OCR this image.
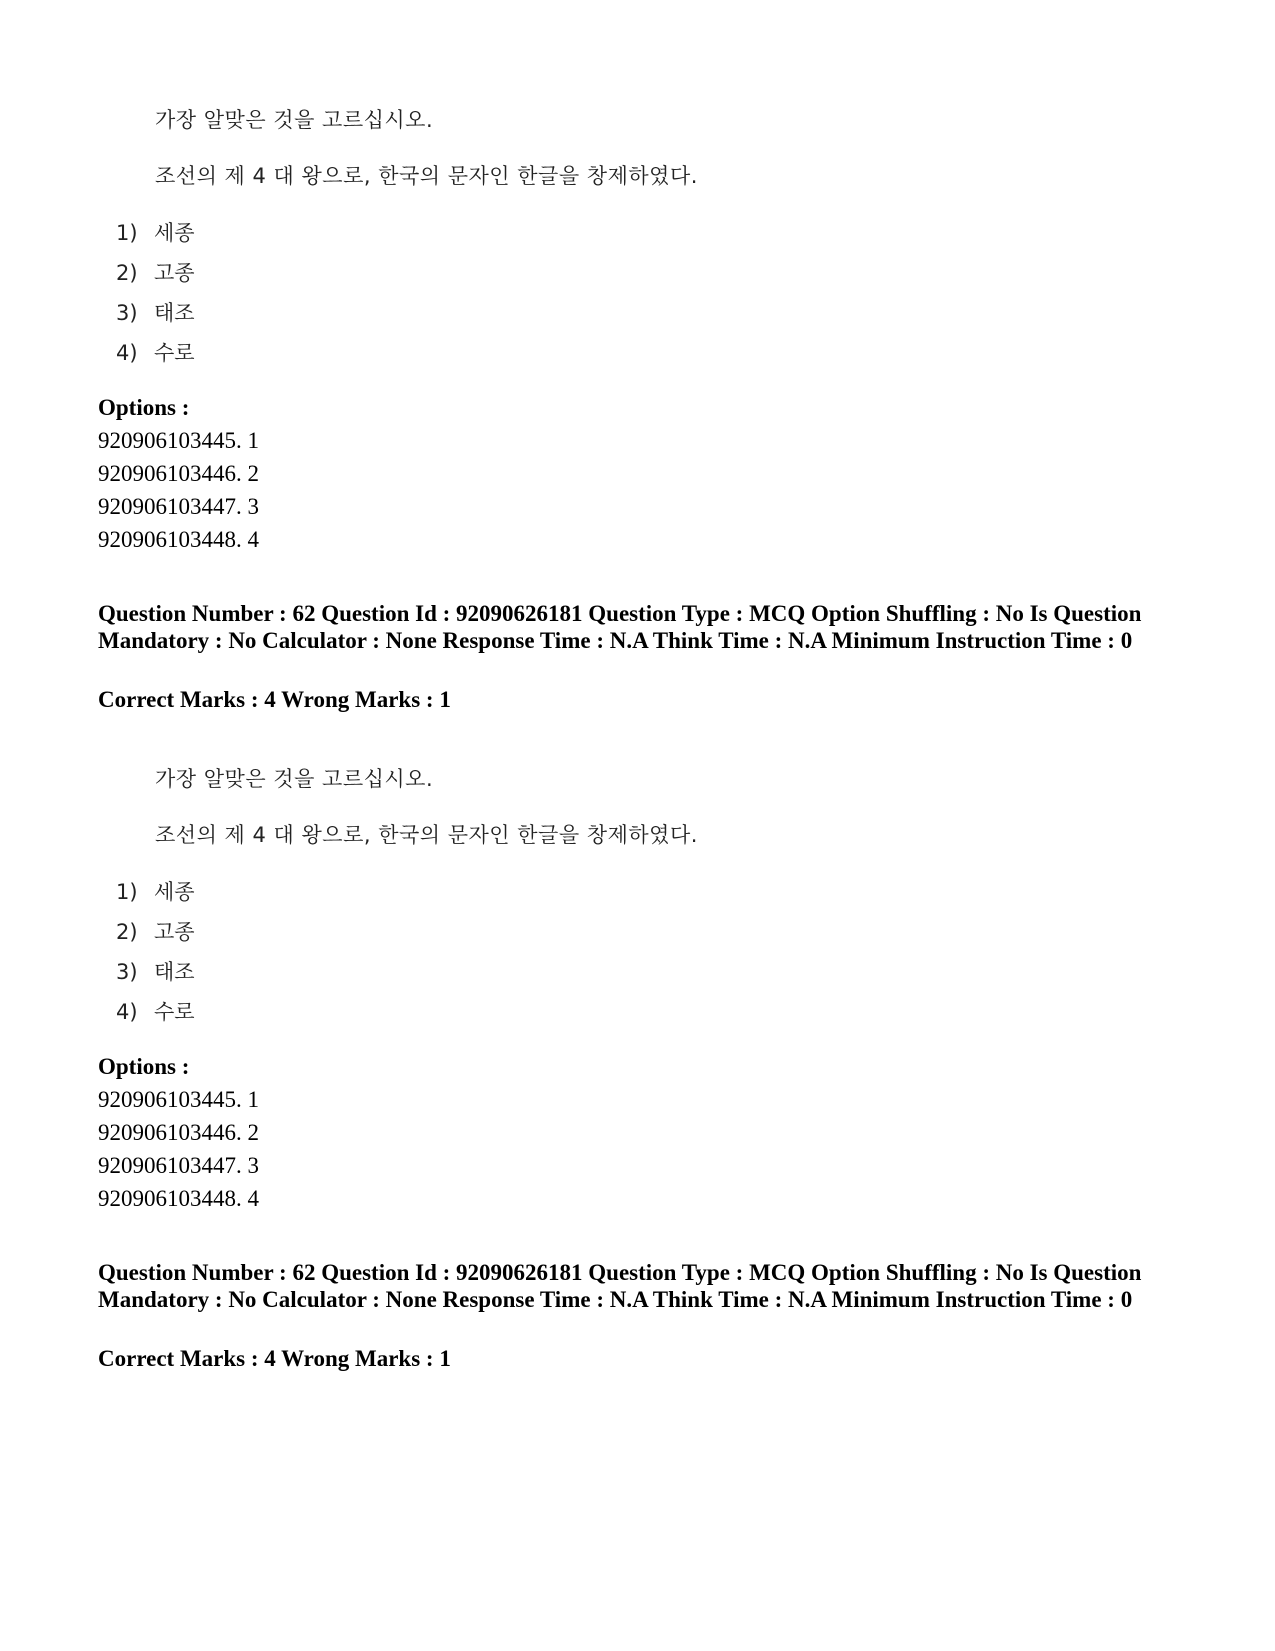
가장 알맞은 것을 고르십시오.
조선의 제 4 대 왕으로, 한국의 문자인 한글을 창제하였다.
1) 세종
2) 고종
3) 태조
4) 수로
Options :
920906103445. 1
920906103446. 2
920906103447. 3
920906103448. 4
Question Number : 62 Question Id : 92090626181 Question Type : MCQ Option Shuffling : No Is Question Mandatory : No Calculator : None Response Time : N.A Think Time : N.A Minimum Instruction Time : 0
Correct Marks : 4 Wrong Marks : 1
가장 알맞은 것을 고르십시오.
조선의 제 4 대 왕으로, 한국의 문자인 한글을 창제하였다.
1) 세종
2) 고종
3) 태조
4) 수로
Options :
920906103445. 1
920906103446. 2
920906103447. 3
920906103448. 4
Question Number : 62 Question Id : 92090626181 Question Type : MCQ Option Shuffling : No Is Question Mandatory : No Calculator : None Response Time : N.A Think Time : N.A Minimum Instruction Time : 0
Correct Marks : 4 Wrong Marks : 1
